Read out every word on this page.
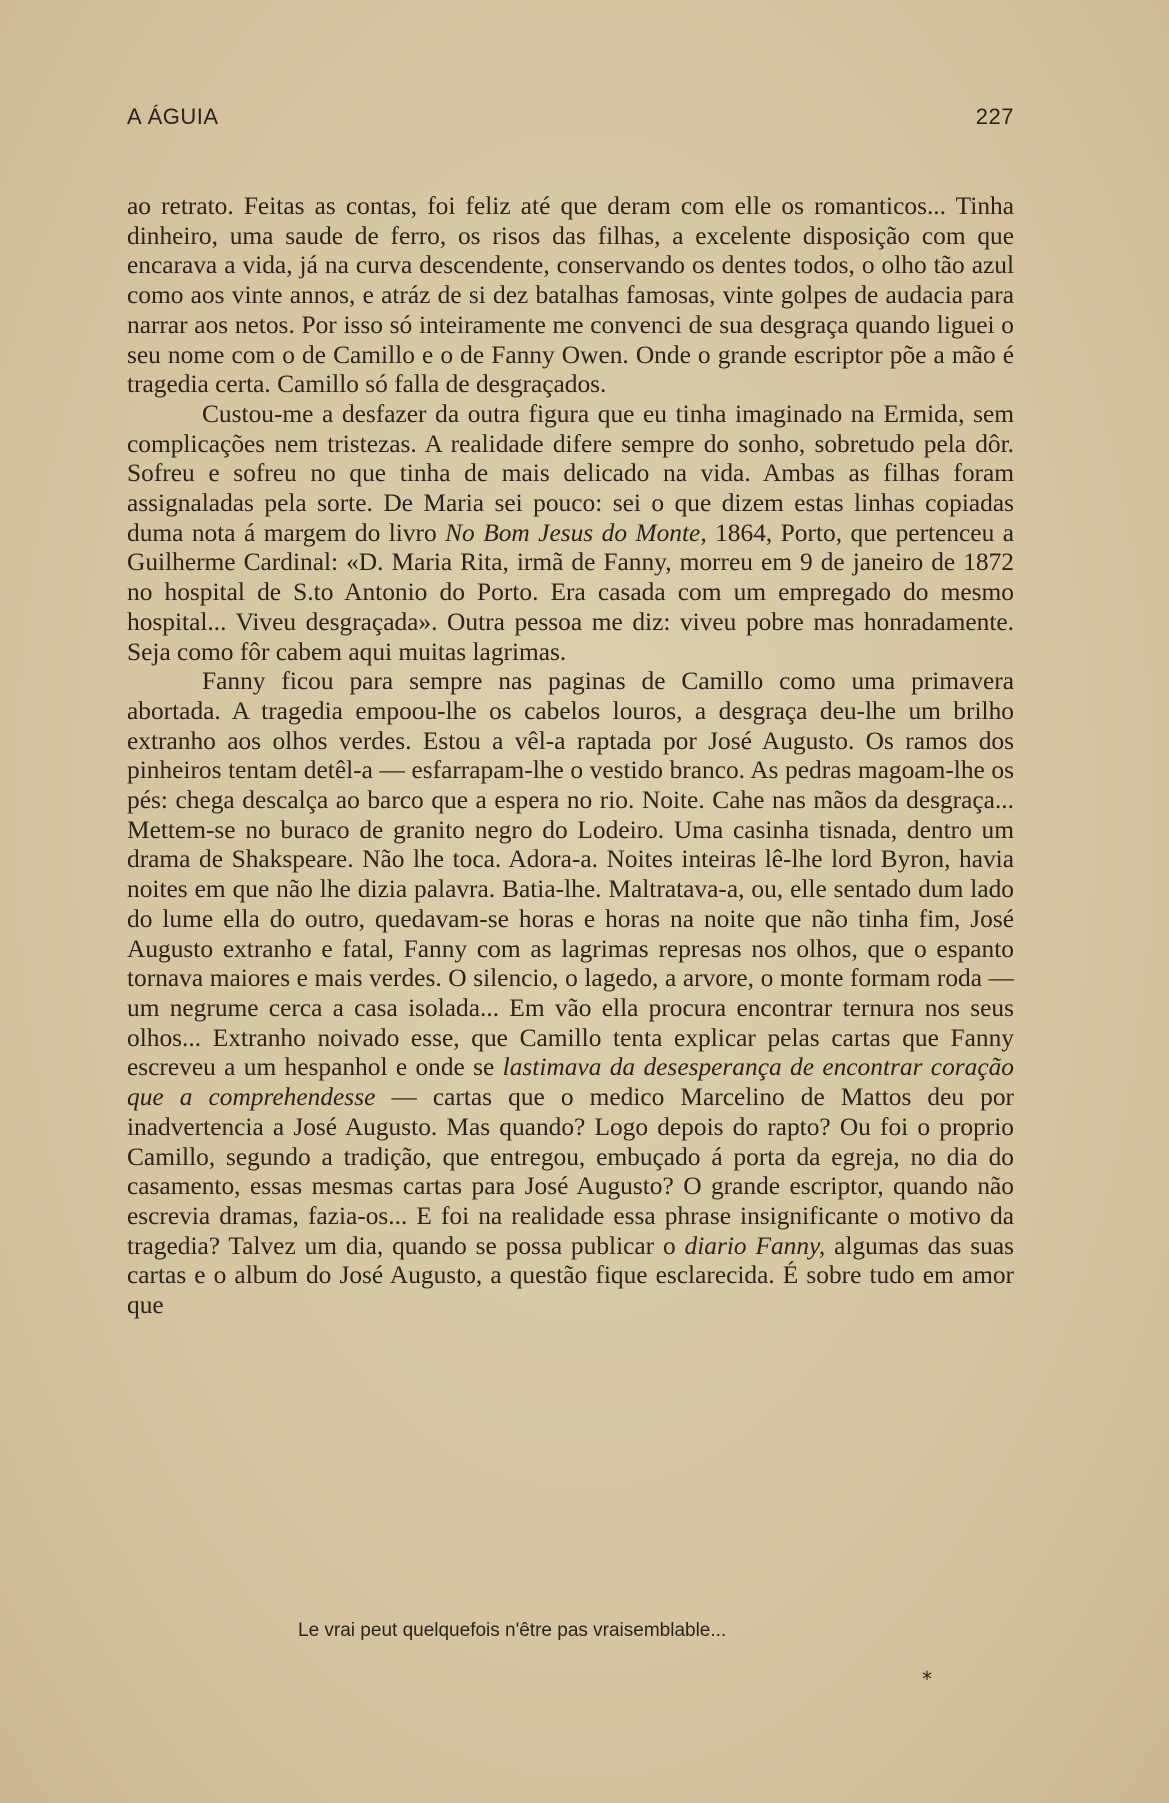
A ÁGUIA	227

ao retrato. Feitas as contas, foi feliz até que deram com elle os romanticos... Tinha dinheiro, uma saude de ferro, os risos das filhas, a excelente disposição com que encarava a vida, já na curva descendente, conservando os dentes todos, o olho tão azul como aos vinte annos, e atráz de si dez batalhas famosas, vinte golpes de audacia para narrar aos netos. Por isso só inteiramente me convenci de sua desgraça quando liguei o seu nome com o de Camillo e o de Fanny Owen. Onde o grande escriptor põe a mão é tragedia certa. Camillo só falla de desgraçados.

Custou-me a desfazer da outra figura que eu tinha imaginado na Ermida, sem complicações nem tristezas. A realidade difere sempre do sonho, sobretudo pela dôr. Sofreu e sofreu no que tinha de mais delicado na vida. Ambas as filhas foram assignaladas pela sorte. De Maria sei pouco: sei o que dizem estas linhas copiadas duma nota á margem do livro No Bom Jesus do Monte, 1864, Porto, que pertenceu a Guilherme Cardinal: «D. Maria Rita, irmã de Fanny, morreu em 9 de janeiro de 1872 no hospital de S.to Antonio do Porto. Era casada com um empregado do mesmo hospital... Viveu desgraçada». Outra pessoa me diz: viveu pobre mas honradamente. Seja como fôr cabem aqui muitas lagrimas.

Fanny ficou para sempre nas paginas de Camillo como uma primavera abortada. A tragedia empoou-lhe os cabelos louros, a desgraça deu-lhe um brilho extranho aos olhos verdes. Estou a vêl-a raptada por José Augusto. Os ramos dos pinheiros tentam detêl-a — esfarrapam-lhe o vestido branco. As pedras magoam-lhe os pés: chega descalça ao barco que a espera no rio. Noite. Cahe nas mãos da desgraça... Mettem-se no buraco de granito negro do Lodeiro. Uma casinha tisnada, dentro um drama de Shakspeare. Não lhe toca. Adora-a. Noites inteiras lê-lhe lord Byron, havia noites em que não lhe dizia palavra. Batia-lhe. Maltratava-a, ou, elle sentado dum lado do lume ella do outro, quedavam-se horas e horas na noite que não tinha fim, José Augusto extranho e fatal, Fanny com as lagrimas represas nos olhos, que o espanto tornava maiores e mais verdes. O silencio, o lagedo, a arvore, o monte formam roda — um negrume cerca a casa isolada... Em vão ella procura encontrar ternura nos seus olhos... Extranho noivado esse, que Camillo tenta explicar pelas cartas que Fanny escreveu a um hespanhol e onde se lastimava da desesperança de encontrar coração que a comprehendesse — cartas que o medico Marcelino de Mattos deu por inadvertencia a José Augusto. Mas quando? Logo depois do rapto? Ou foi o proprio Camillo, segundo a tradição, que entregou, embuçado á porta da egreja, no dia do casamento, essas mesmas cartas para José Augusto? O grande escriptor, quando não escrevia dramas, fazia-os... E foi na realidade essa phrase insignificante o motivo da tragedia? Talvez um dia, quando se possa publicar o diario Fanny, algumas das suas cartas e o album do José Augusto, a questão fique esclarecida. É sobre tudo em amor que

Le vrai peut quelquefois n'être pas vraisemblable...
*
